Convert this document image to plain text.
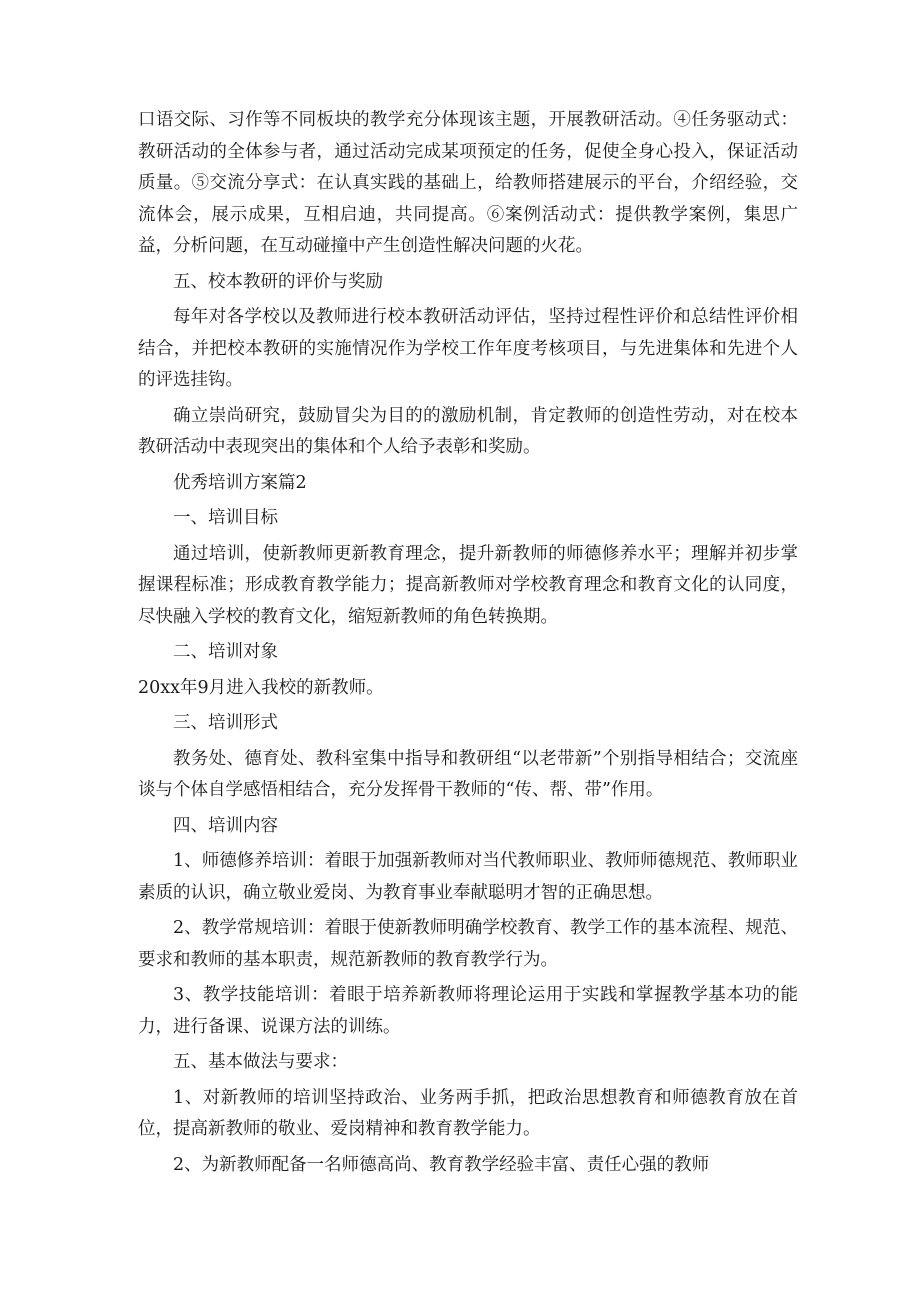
口语交际、习作等不同板块的教学充分体现该主题，开展教研活动。④任务驱动式：教研活动的全体参与者，通过活动完成某项预定的任务，促使全身心投入，保证活动质量。⑤交流分享式：在认真实践的基础上，给教师搭建展示的平台，介绍经验，交流体会，展示成果，互相启迪，共同提高。⑥案例活动式：提供教学案例，集思广益，分析问题，在互动碰撞中产生创造性解决问题的火花。

五、校本教研的评价与奖励

每年对各学校以及教师进行校本教研活动评估，坚持过程性评价和总结性评价相结合，并把校本教研的实施情况作为学校工作年度考核项目，与先进集体和先进个人的评选挂钩。

确立崇尚研究，鼓励冒尖为目的的激励机制，肯定教师的创造性劳动，对在校本教研活动中表现突出的集体和个人给予表彰和奖励。

优秀培训方案篇2

一、培训目标

通过培训，使新教师更新教育理念，提升新教师的师德修养水平；理解并初步掌握课程标准；形成教育教学能力；提高新教师对学校教育理念和教育文化的认同度，尽快融入学校的教育文化，缩短新教师的角色转换期。

二、培训对象

20xx年9月进入我校的新教师。

三、培训形式

教务处、德育处、教科室集中指导和教研组“以老带新”个别指导相结合；交流座谈与个体自学感悟相结合，充分发挥骨干教师的“传、帮、带”作用。

四、培训内容

1、师德修养培训：着眼于加强新教师对当代教师职业、教师师德规范、教师职业素质的认识，确立敬业爱岗、为教育事业奉献聪明才智的正确思想。

2、教学常规培训：着眼于使新教师明确学校教育、教学工作的基本流程、规范、要求和教师的基本职责，规范新教师的教育教学行为。

3、教学技能培训：着眼于培养新教师将理论运用于实践和掌握教学基本功的能力，进行备课、说课方法的训练。

五、基本做法与要求：

1、对新教师的培训坚持政治、业务两手抓，把政治思想教育和师德教育放在首位，提高新教师的敬业、爱岗精神和教育教学能力。

2、为新教师配备一名师德高尚、教育教学经验丰富、责任心强的教师
